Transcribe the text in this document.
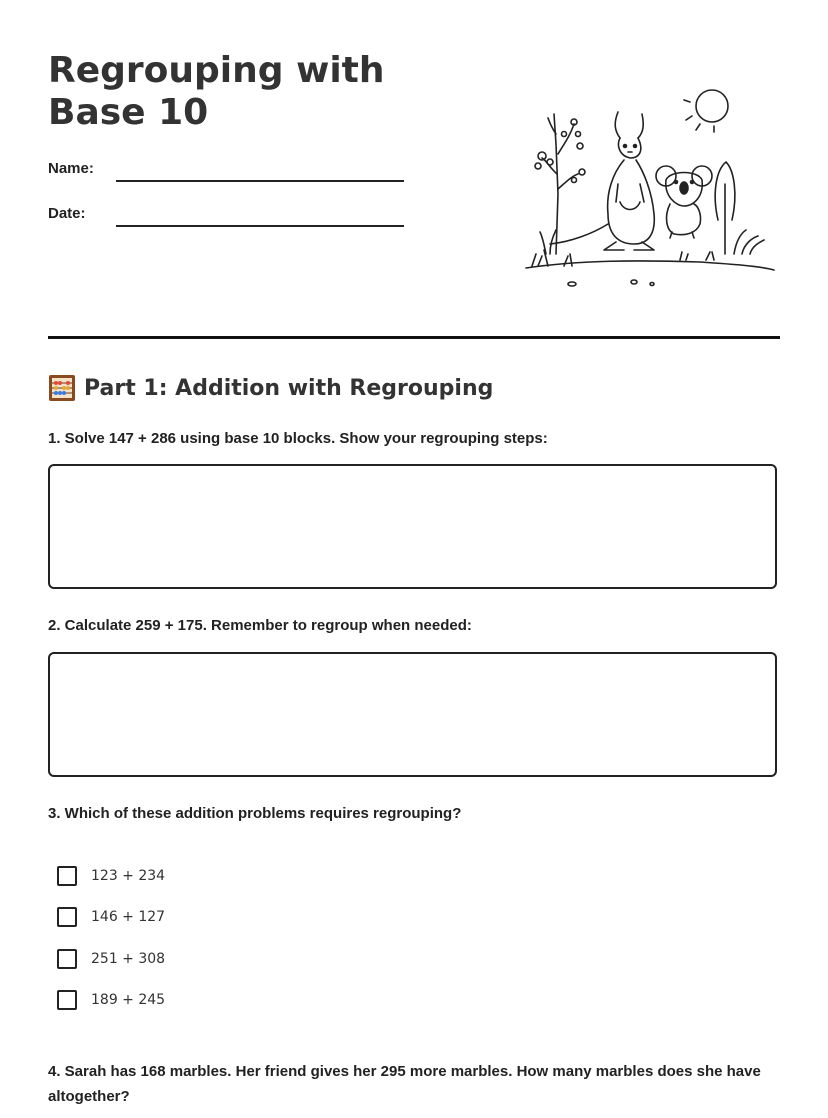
Regrouping with Base 10
Name:
Date:
Part 1: Addition with Regrouping
1. Solve 147 + 286 using base 10 blocks. Show your regrouping steps:
2. Calculate 259 + 175. Remember to regroup when needed:
3. Which of these addition problems requires regrouping?
123 + 234
146 + 127
251 + 308
189 + 245
4. Sarah has 168 marbles. Her friend gives her 295 more marbles. How many marbles does she have altogether?
